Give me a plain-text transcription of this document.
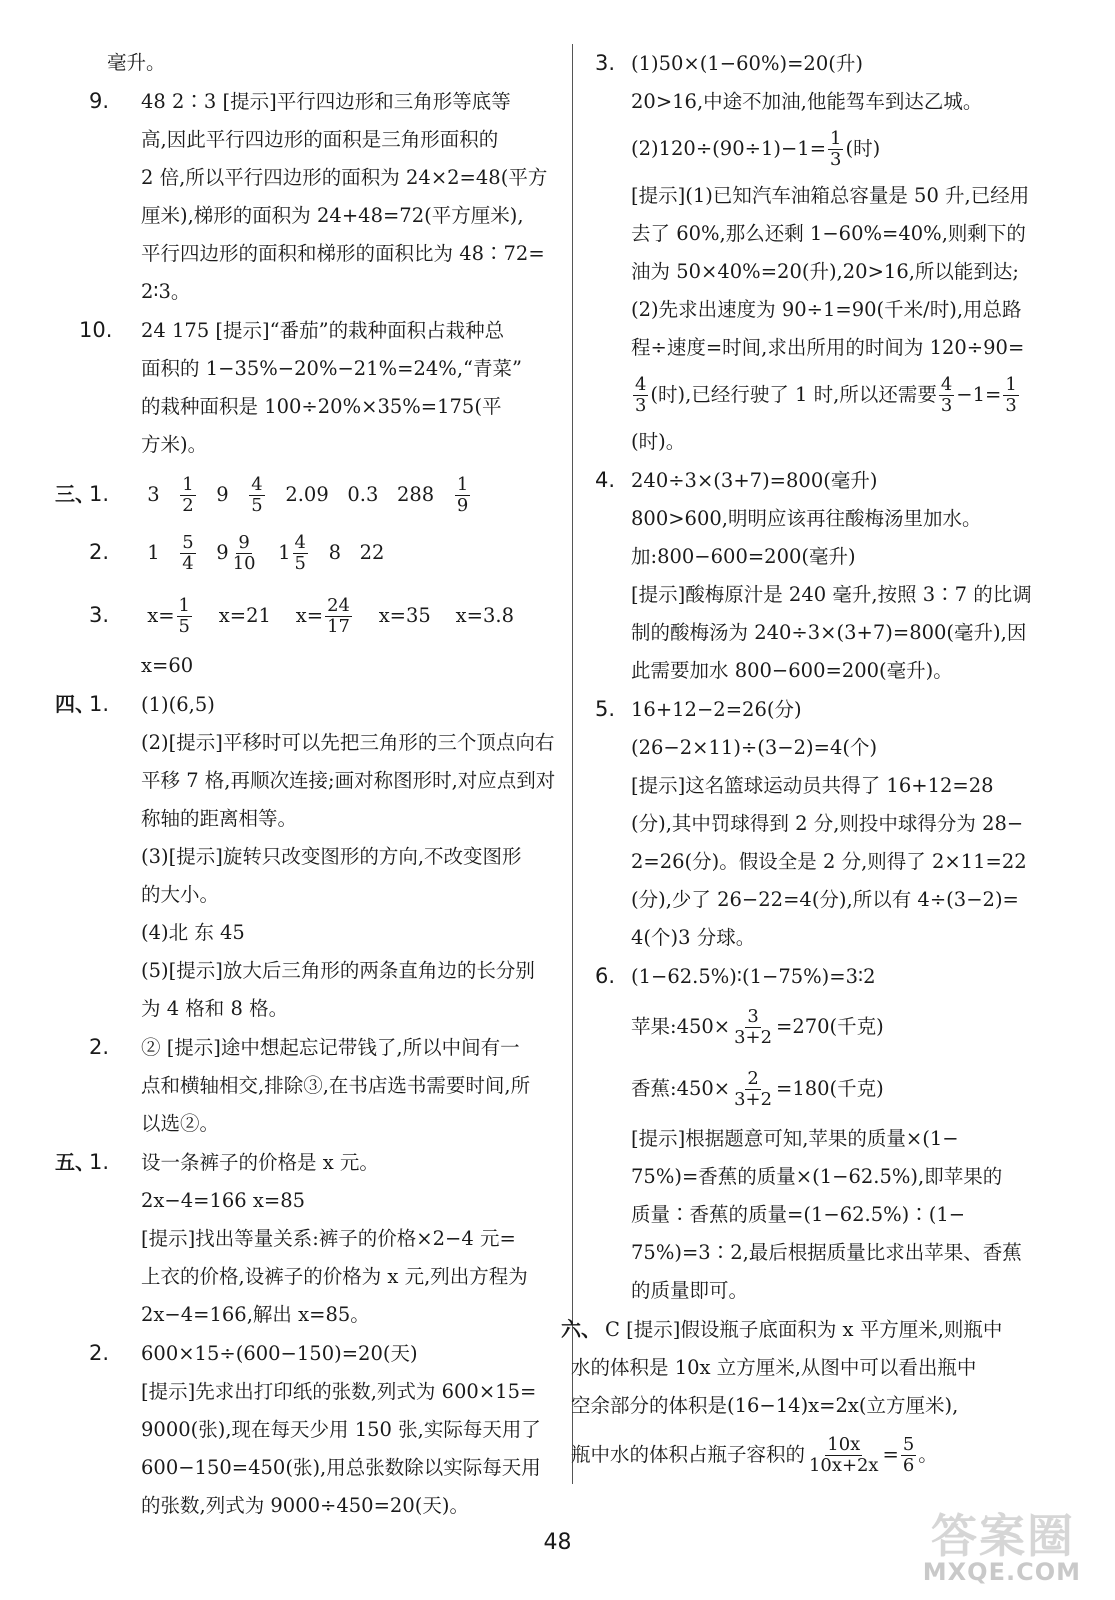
毫升。
9. 48 2∶3 [提示]平行四边形和三角形等底等
高,因此平行四边形的面积是三角形面积的
2 倍,所以平行四边形的面积为 24×2=48(平方
厘米),梯形的面积为 24+48=72(平方厘米),
平行四边形的面积和梯形的面积比为 48∶72=
2∶3。
10. 24 175 [提示]“番茄”的栽种面积占栽种总
面积的 1−35%−20%−21%=24%,“青菜”
的栽种面积是 100÷20%×35%=175(平
方米)。
三、1. $3 \frac{1}{2} 9 \frac{4}{5} 2.09$ 0.3 $288 \frac{1}{9}$
2. $1 \frac{5}{4} 9 \frac{9}{10} 1 \frac{4}{5} 8$ 22
3. $x= \frac{1}{5} x=21$ $x= \frac{24}{17} x=35$ x=3.8
x=60
四、1. (1)(6,5)
(2)[提示]平移时可以先把三角形的三个顶点向右
平移 7 格,再顺次连接;画对称图形时,对应点到对
称轴的距离相等。
(3)[提示]旋转只改变图形的方向,不改变图形
的大小。
(4)北 东 45
(5)[提示]放大后三角形的两条直角边的长分别
为 4 格和 8 格。
2. ② [提示]途中想起忘记带钱了,所以中间有一
点和横轴相交,排除③,在书店选书需要时间,所
以选②。
五、1. 设一条裤子的价格是 x 元。
2x−4=166 x=85
[提示]找出等量关系:裤子的价格×2−4 元=
上衣的价格,设裤子的价格为 x 元,列出方程为
2x−4=166,解出 x=85。
2. 600×15÷(600−150)=20(天)
[提示]先求出打印纸的张数,列式为 600×15=
9000(张),现在每天少用 150 张,实际每天用了
600−150=450(张),用总张数除以实际每天用
的张数,列式为 9000÷450=20(天)。
3. (1)50×(1−60%)=20(升)
20>16,中途不加油,他能驾车到达乙城。
$(2)120\div(90\div 1)-1= \frac{1}{3}$ (时)
[提示](1)已知汽车油箱总容量是 50 升,已经用
去了 60%,那么还剩 1−60%=40%,则剩下的
油为 50×40%=20(升),20>16,所以能到达;
(2)先求出速度为 90÷1=90(千米/时),用总路
程÷速度=时间,求出所用的时间为 120÷90=
$\frac{4}{3}$ (时),已经行驶了 1 时,所以还需要 $\frac{4}{3} -1= \frac{1}{3}$
(时)。
4. 240÷3×(3+7)=800(毫升)
800>600,明明应该再往酸梅汤里加水。
加:800−600=200(毫升)
[提示]酸梅原汁是 240 毫升,按照 3∶7 的比调
制的酸梅汤为 240÷3×(3+7)=800(毫升),因
此需要加水 800−600=200(毫升)。
5. 16+12−2=26(分)
(26−2×11)÷(3−2)=4(个)
[提示]这名篮球运动员共得了 16+12=28
(分),其中罚球得到 2 分,则投中球得分为 28−
2=26(分)。假设全是 2 分,则得了 2×11=22
(分),少了 26−22=4(分),所以有 4÷(3−2)=
4(个)3 分球。
6. (1−62.5%)∶(1−75%)=3∶2
苹果:450× $\frac{3}{3+2} =270$(千克)
香蕉:450× $\frac{2}{3+2} =180$(千克)
[提示]根据题意可知,苹果的质量×(1−
75%)=香蕉的质量×(1−62.5%),即苹果的
质量∶香蕉的质量=(1−62.5%)∶(1−
75%)=3∶2,最后根据质量比求出苹果、香蕉
的质量即可。
六、 C [提示]假设瓶子底面积为 x 平方厘米,则瓶中
水的体积是 10x 立方厘米,从图中可以看出瓶中
空余部分的体积是(16−14)x=2x(立方厘米),
瓶中水的体积占瓶子容积的 $\frac{10x}{10x+2x} = \frac{5}{6}$ 。
48	答案圈
MXQE.COM
